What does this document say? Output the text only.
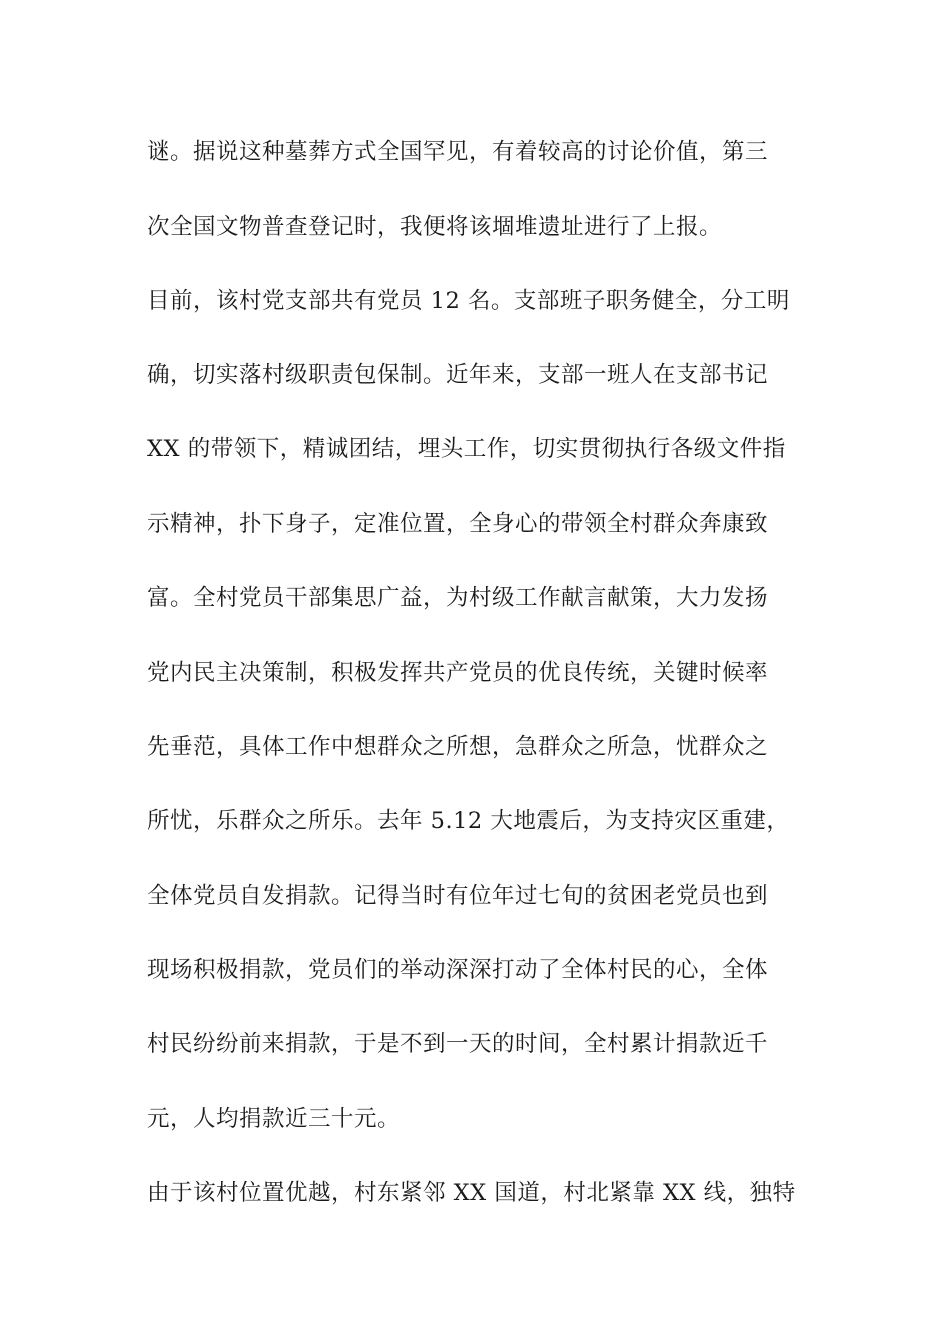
谜。据说这种墓葬方式全国罕见，有着较高的讨论价值，第三
次全国文物普查登记时，我便将该堌堆遗址进行了上报。
目前，该村党支部共有党员 12 名。支部班子职务健全，分工明
确，切实落村级职责包保制。近年来，支部一班人在支部书记
XX 的带领下，精诚团结，埋头工作，切实贯彻执行各级文件指
示精神，扑下身子，定准位置，全身心的带领全村群众奔康致
富。全村党员干部集思广益，为村级工作献言献策，大力发扬
党内民主决策制，积极发挥共产党员的优良传统，关键时候率
先垂范，具体工作中想群众之所想，急群众之所急，忧群众之
所忧，乐群众之所乐。去年 5.12 大地震后，为支持灾区重建，
全体党员自发捐款。记得当时有位年过七旬的贫困老党员也到
现场积极捐款，党员们的举动深深打动了全体村民的心，全体
村民纷纷前来捐款，于是不到一天的时间，全村累计捐款近千
元，人均捐款近三十元。
由于该村位置优越，村东紧邻 XX 国道，村北紧靠 XX 线，独特
